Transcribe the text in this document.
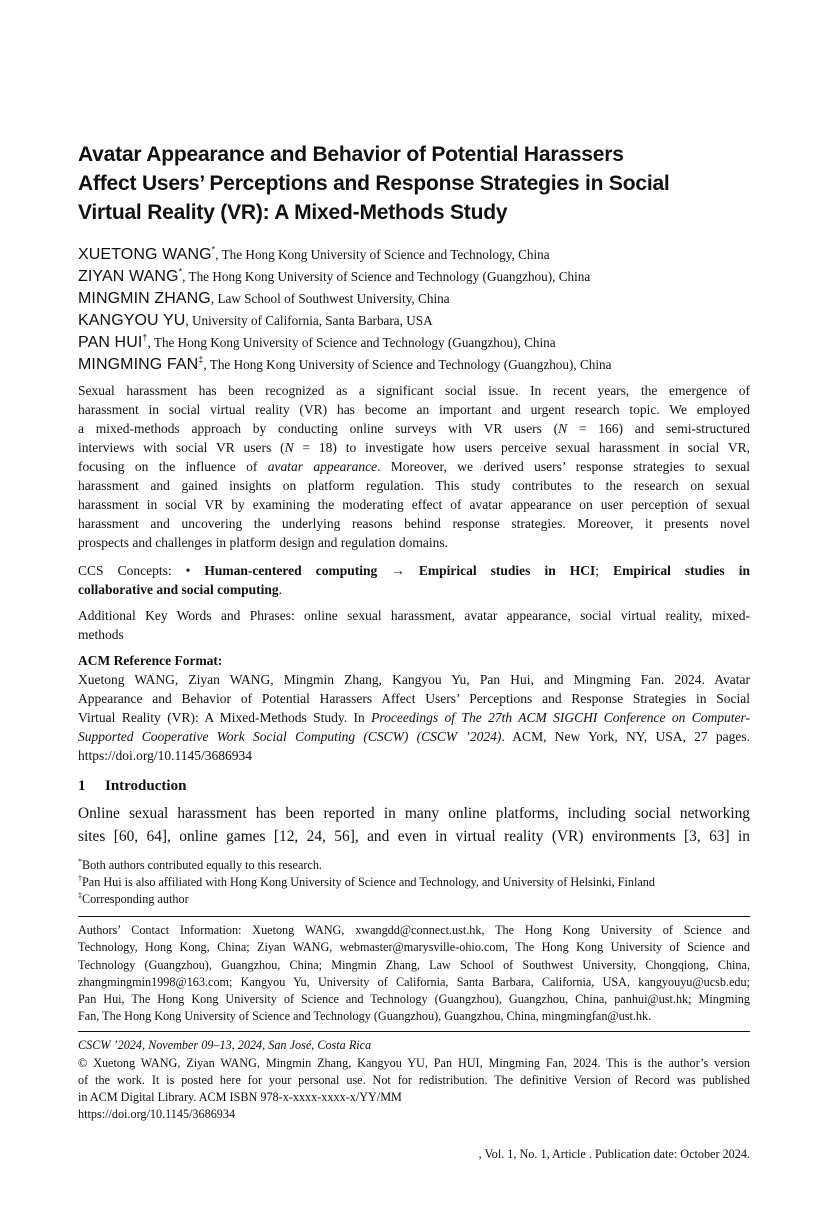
Avatar Appearance and Behavior of Potential Harassers
Affect Users’ Perceptions and Response Strategies in Social
Virtual Reality (VR): A Mixed-Methods Study
XUETONG WANG*, The Hong Kong University of Science and Technology, China
ZIYAN WANG*, The Hong Kong University of Science and Technology (Guangzhou), China
MINGMIN ZHANG, Law School of Southwest University, China
KANGYOU YU, University of California, Santa Barbara, USA
PAN HUI†, The Hong Kong University of Science and Technology (Guangzhou), China
MINGMING FAN‡, The Hong Kong University of Science and Technology (Guangzhou), China
Sexual harassment has been recognized as a significant social issue. In recent years, the emergence of
harassment in social virtual reality (VR) has become an important and urgent research topic. We employed
a mixed-methods approach by conducting online surveys with VR users (N = 166) and semi-structured
interviews with social VR users (N = 18) to investigate how users perceive sexual harassment in social VR,
focusing on the influence of avatar appearance. Moreover, we derived users’ response strategies to sexual
harassment and gained insights on platform regulation. This study contributes to the research on sexual
harassment in social VR by examining the moderating effect of avatar appearance on user perception of sexual
harassment and uncovering the underlying reasons behind response strategies. Moreover, it presents novel
prospects and challenges in platform design and regulation domains.
CCS Concepts: • Human-centered computing → Empirical studies in HCI; Empirical studies in
collaborative and social computing.
Additional Key Words and Phrases: online sexual harassment, avatar appearance, social virtual reality, mixed-
methods
ACM Reference Format:
Xuetong WANG, Ziyan WANG, Mingmin Zhang, Kangyou Yu, Pan Hui, and Mingming Fan. 2024. Avatar
Appearance and Behavior of Potential Harassers Affect Users’ Perceptions and Response Strategies in Social
Virtual Reality (VR): A Mixed-Methods Study. In Proceedings of The 27th ACM SIGCHI Conference on Computer-
Supported Cooperative Work Social Computing (CSCW) (CSCW ’2024). ACM, New York, NY, USA, 27 pages.
https://doi.org/10.1145/3686934
1 Introduction
Online sexual harassment has been reported in many online platforms, including social networking
sites [60, 64], online games [12, 24, 56], and even in virtual reality (VR) environments [3, 63] in
*Both authors contributed equally to this research.
†Pan Hui is also affiliated with Hong Kong University of Science and Technology, and University of Helsinki, Finland
‡Corresponding author
Authors’ Contact Information: Xuetong WANG, xwangdd@connect.ust.hk, The Hong Kong University of Science and
Technology, Hong Kong, China; Ziyan WANG, webmaster@marysville-ohio.com, The Hong Kong University of Science and
Technology (Guangzhou), Guangzhou, China; Mingmin Zhang, Law School of Southwest University, Chongqiong, China,
zhangmingmin1998@163.com; Kangyou Yu, University of California, Santa Barbara, California, USA, kangyouyu@ucsb.edu;
Pan Hui, The Hong Kong University of Science and Technology (Guangzhou), Guangzhou, China, panhui@ust.hk; Mingming
Fan, The Hong Kong University of Science and Technology (Guangzhou), Guangzhou, China, mingmingfan@ust.hk.
CSCW ’2024, November 09–13, 2024, San José, Costa Rica
© Xuetong WANG, Ziyan WANG, Mingmin Zhang, Kangyou YU, Pan HUI, Mingming Fan, 2024. This is the author’s version
of the work. It is posted here for your personal use. Not for redistribution. The definitive Version of Record was published
in ACM Digital Library. ACM ISBN 978-x-xxxx-xxxx-x/YY/MM
https://doi.org/10.1145/3686934
, Vol. 1, No. 1, Article . Publication date: October 2024.
